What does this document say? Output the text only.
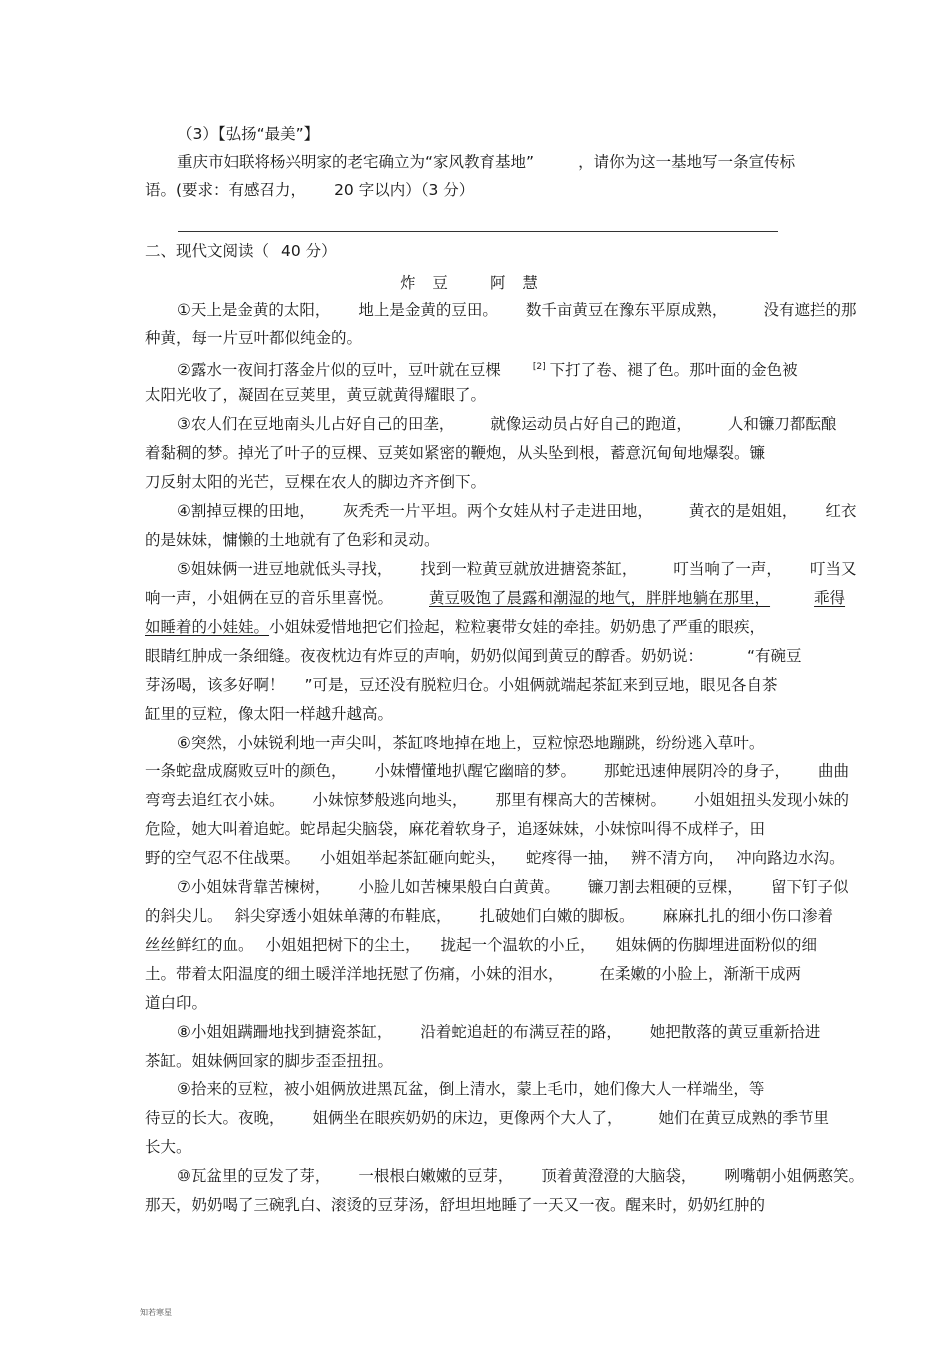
（3）【弘扬“最美”】
重庆市妇联将杨兴明家的老宅确立为“家风教育基地”	，请你为这一基地写一条宣传标
语。(要求：有感召力， 20 字以内）（3 分）
二、现代文阅读（ 40 分）
炸 豆 阿 慧
①天上是金黄的太阳， 地上是金黄的豆田。 数千亩黄豆在豫东平原成熟， 没有遮拦的那
种黄，每一片豆叶都似纯金的。
②露水一夜间打落金片似的豆叶，豆叶就在豆棵	[2] 下打了卷、褪了色。那叶面的金色被
太阳光收了，凝固在豆荚里，黄豆就黄得耀眼了。
③农人们在豆地南头儿占好自己的田垄， 就像运动员占好自己的跑道， 人和镰刀都酝酿
着黏稠的梦。掉光了叶子的豆棵、豆荚如紧密的鞭炮，从头坠到根，蓄意沉甸甸地爆裂。镰
刀反射太阳的光芒，豆棵在农人的脚边齐齐倒下。
④割掉豆棵的田地， 灰秃秃一片平坦。两个女娃从村子走进田地， 黄衣的是姐姐， 红衣
的是妹妹，慵懒的土地就有了色彩和灵动。
⑤姐妹俩一进豆地就低头寻找， 找到一粒黄豆就放进搪瓷茶缸， 叮当响了一声， 叮当又
响一声，小姐俩在豆的音乐里喜悦。 黄豆吸饱了晨露和潮湿的地气，胖胖地躺在那里，	乖得
如睡着的小娃娃。小姐妹爱惜地把它们捡起，粒粒裹带女娃的牵挂。奶奶患了严重的眼疾，
眼睛红肿成一条细缝。夜夜枕边有炸豆的声响，奶奶似闻到黄豆的醇香。奶奶说：	“有碗豆
芽汤喝，该多好啊！ ”可是，豆还没有脱粒归仓。小姐俩就端起茶缸来到豆地，眼见各自茶
缸里的豆粒，像太阳一样越升越高。
⑥突然，小妹锐利地一声尖叫，茶缸咚地掉在地上，豆粒惊恐地蹦跳，纷纷逃入草叶。
一条蛇盘成腐败豆叶的颜色， 小妹懵懂地扒醒它幽暗的梦。 那蛇迅速伸展阴冷的身子， 曲曲
弯弯去追红衣小妹。 小妹惊梦般逃向地头， 那里有棵高大的苦楝树。 小姐姐扭头发现小妹的
危险，她大叫着追蛇。蛇昂起尖脑袋，麻花着软身子，追逐妹妹，小妹惊叫得不成样子，田
野的空气忍不住战栗。 小姐姐举起茶缸砸向蛇头， 蛇疼得一抽， 辨不清方向， 冲向路边水沟。
⑦小姐妹背靠苦楝树， 小脸儿如苦楝果般白白黄黄。 镰刀割去粗硬的豆棵， 留下钉子似
的斜尖儿。 斜尖穿透小姐妹单薄的布鞋底， 扎破她们白嫩的脚板。 麻麻扎扎的细小伤口渗着
丝丝鲜红的血。 小姐姐把树下的尘土， 拢起一个温软的小丘， 姐妹俩的伤脚埋进面粉似的细
土。带着太阳温度的细土暖洋洋地抚慰了伤痛，小妹的泪水， 在柔嫩的小脸上，渐渐干成两
道白印。
⑧小姐姐蹒跚地找到搪瓷茶缸， 沿着蛇追赶的布满豆茬的路， 她把散落的黄豆重新拾进
茶缸。姐妹俩回家的脚步歪歪扭扭。
⑨拾来的豆粒，被小姐俩放进黑瓦盆，倒上清水，蒙上毛巾，她们像大人一样端坐，等
待豆的长大。夜晚， 姐俩坐在眼疾奶奶的床边，更像两个大人了， 她们在黄豆成熟的季节里
长大。
⑩瓦盆里的豆发了芽， 一根根白嫩嫩的豆芽， 顶着黄澄澄的大脑袋， 咧嘴朝小姐俩憨笑。
那天，奶奶喝了三碗乳白、滚烫的豆芽汤，舒坦坦地睡了一天又一夜。醒来时，奶奶红肿的
知若寒星
